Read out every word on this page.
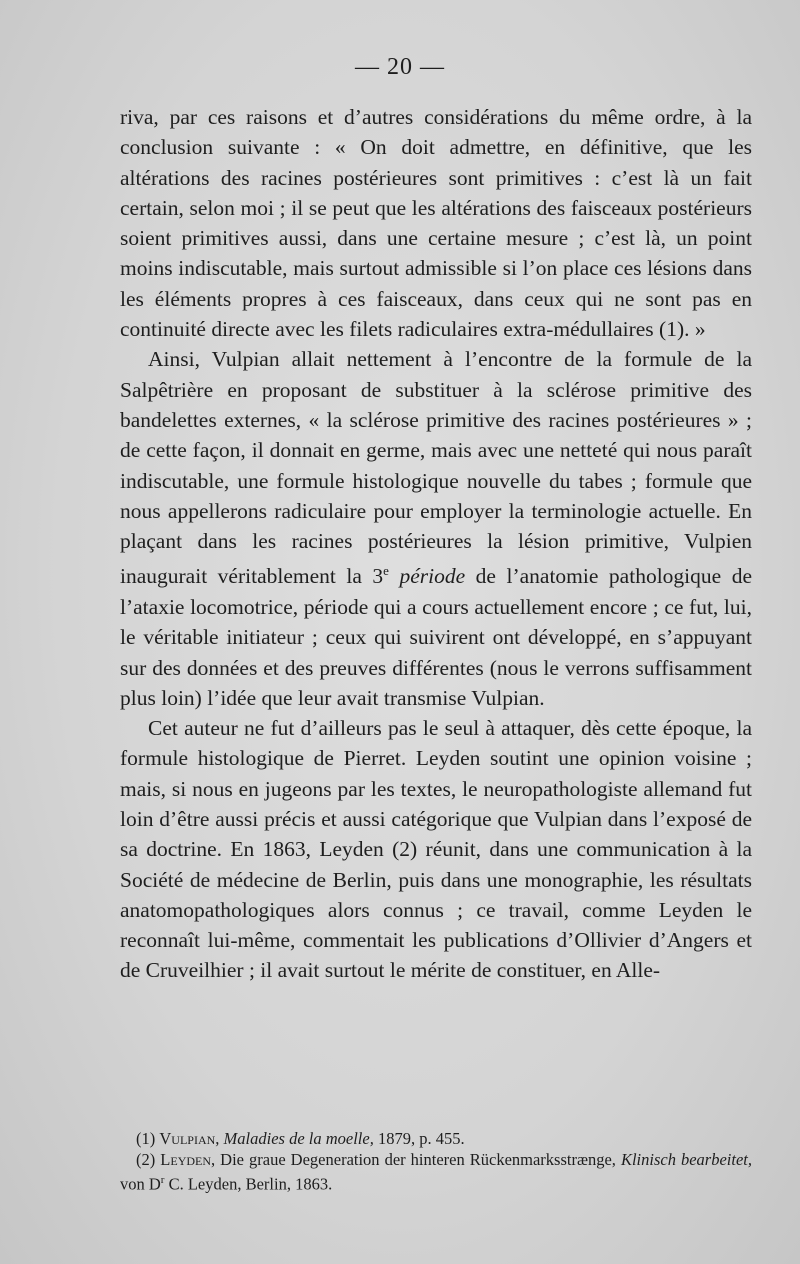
— 20 —

riva, par ces raisons et d’autres considérations du même ordre, à la conclusion suivante : « On doit admettre, en définitive, que les altérations des racines postérieures sont primitives : c’est là un fait certain, selon moi ; il se peut que les altérations des faisceaux postérieurs soient primitives aussi, dans une certaine mesure ; c’est là, un point moins indiscutable, mais surtout admissible si l’on place ces lésions dans les éléments propres à ces faisceaux, dans ceux qui ne sont pas en continuité directe avec les filets radiculaires extra-médullaires (1). »

Ainsi, Vulpian allait nettement à l’encontre de la formule de la Salpêtrière en proposant de substituer à la sclérose primitive des bandelettes externes, « la sclérose primitive des racines postérieures » ; de cette façon, il donnait en germe, mais avec une netteté qui nous paraît indiscutable, une formule histologique nouvelle du tabes ; formule que nous appellerons radiculaire pour employer la terminologie actuelle. En plaçant dans les racines postérieures la lésion primitive, Vulpien inaugurait véritablement la 3e période de l’anatomie pathologique de l’ataxie locomotrice, période qui a cours actuellement encore ; ce fut, lui, le véritable initiateur ; ceux qui suivirent ont développé, en s’appuyant sur des données et des preuves différentes (nous le verrons suffisamment plus loin) l’idée que leur avait transmise Vulpian.

Cet auteur ne fut d’ailleurs pas le seul à attaquer, dès cette époque, la formule histologique de Pierret. Leyden soutint une opinion voisine ; mais, si nous en jugeons par les textes, le neuropathologiste allemand fut loin d’être aussi précis et aussi catégorique que Vulpian dans l’exposé de sa doctrine. En 1863, Leyden (2) réunit, dans une communication à la Société de médecine de Berlin, puis dans une monographie, les résultats anatomopathologiques alors connus ; ce travail, comme Leyden le reconnaît lui-même, commentait les publications d’Ollivier d’Angers et de Cruveilhier ; il avait surtout le mérite de constituer, en Alle-

(1) Vulpian, Maladies de la moelle, 1879, p. 455.

(2) Leyden, Die graue Degeneration der hinteren Rückenmarksstrænge, Klinisch bearbeitet, von $D^r$ C. Leyden, Berlin, 1863.
